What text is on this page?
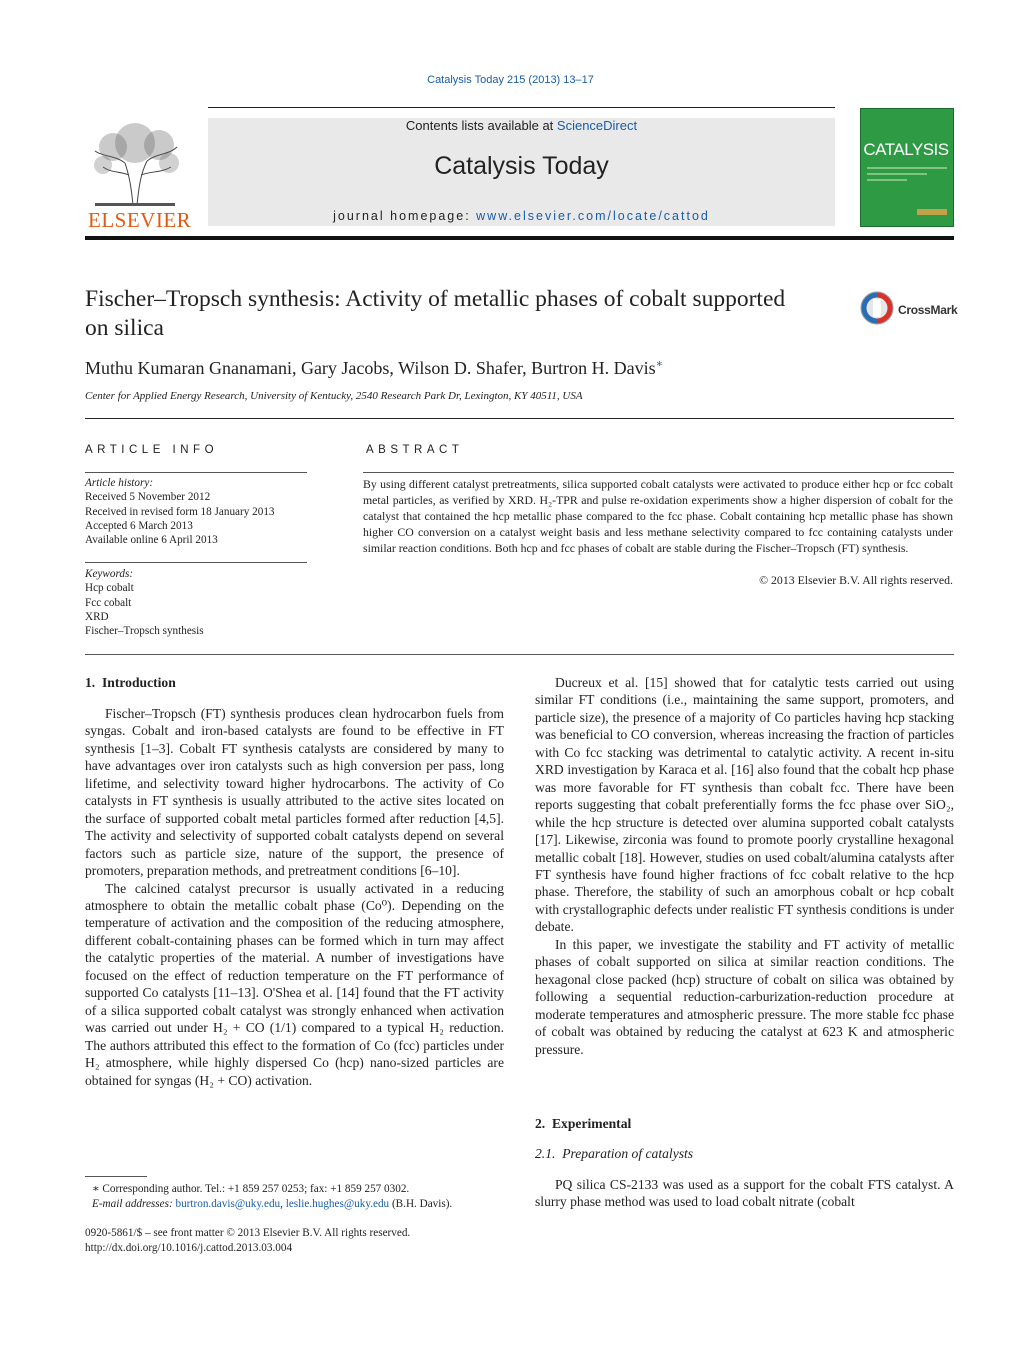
Catalysis Today 215 (2013) 13–17
ELSEVIER
Contents lists available at ScienceDirect
Catalysis Today
journal homepage: www.elsevier.com/locate/cattod
CATALYSIS
Fischer–Tropsch synthesis: Activity of metallic phases of cobalt supported on silica
CrossMark
Muthu Kumaran Gnanamani, Gary Jacobs, Wilson D. Shafer, Burtron H. Davis∗
Center for Applied Energy Research, University of Kentucky, 2540 Research Park Dr, Lexington, KY 40511, USA
ARTICLE INFO
Article history:
Received 5 November 2012
Received in revised form 18 January 2013
Accepted 6 March 2013
Available online 6 April 2013
Keywords:
Hcp cobalt
Fcc cobalt
XRD
Fischer–Tropsch synthesis
ABSTRACT
By using different catalyst pretreatments, silica supported cobalt catalysts were activated to produce either hcp or fcc cobalt metal particles, as verified by XRD. H₂-TPR and pulse re-oxidation experiments show a higher dispersion of cobalt for the catalyst that contained the hcp metallic phase compared to the fcc phase. Cobalt containing hcp metallic phase has shown higher CO conversion on a catalyst weight basis and less methane selectivity compared to fcc containing catalysts under similar reaction conditions. Both hcp and fcc phases of cobalt are stable during the Fischer–Tropsch (FT) synthesis.
© 2013 Elsevier B.V. All rights reserved.
1.  Introduction

Fischer–Tropsch (FT) synthesis produces clean hydrocarbon fuels from syngas. Cobalt and iron-based catalysts are found to be effective in FT synthesis [1–3]. Cobalt FT synthesis catalysts are considered by many to have advantages over iron catalysts such as high conversion per pass, long lifetime, and selectivity toward higher hydrocarbons. The activity of Co catalysts in FT synthesis is usually attributed to the active sites located on the surface of supported cobalt metal particles formed after reduction [4,5]. The activity and selectivity of supported cobalt catalysts depend on several factors such as particle size, nature of the support, the presence of promoters, preparation methods, and pretreatment conditions [6–10].

The calcined catalyst precursor is usually activated in a reducing atmosphere to obtain the metallic cobalt phase (Co⁰). Depending on the temperature of activation and the composition of the reducing atmosphere, different cobalt-containing phases can be formed which in turn may affect the catalytic properties of the material. A number of investigations have focused on the effect of reduction temperature on the FT performance of supported Co catalysts [11–13]. O'Shea et al. [14] found that the FT activity of a silica supported cobalt catalyst was strongly enhanced when activation was carried out under H₂ + CO (1/1) compared to a typical H₂ reduction. The authors attributed this effect to the formation of Co (fcc) particles under H₂ atmosphere, while highly dispersed Co (hcp) nano-sized particles are obtained for syngas (H₂ + CO) activation.

Ducreux et al. [15] showed that for catalytic tests carried out using similar FT conditions (i.e., maintaining the same support, promoters, and particle size), the presence of a majority of Co particles having hcp stacking was beneficial to CO conversion, whereas increasing the fraction of particles with Co fcc stacking was detrimental to catalytic activity. A recent in-situ XRD investigation by Karaca et al. [16] also found that the cobalt hcp phase was more favorable for FT synthesis than cobalt fcc. There have been reports suggesting that cobalt preferentially forms the fcc phase over SiO₂, while the hcp structure is detected over alumina supported cobalt catalysts [17]. Likewise, zirconia was found to promote poorly crystalline hexagonal metallic cobalt [18]. However, studies on used cobalt/alumina catalysts after FT synthesis have found higher fractions of fcc cobalt relative to the hcp phase. Therefore, the stability of such an amorphous cobalt or hcp cobalt with crystallographic defects under realistic FT synthesis conditions is under debate.

In this paper, we investigate the stability and FT activity of metallic phases of cobalt supported on silica at similar reaction conditions. The hexagonal close packed (hcp) structure of cobalt on silica was obtained by following a sequential reduction-carburization-reduction procedure at moderate temperatures and atmospheric pressure. The more stable fcc phase of cobalt was obtained by reducing the catalyst at 623 K and atmospheric pressure.

2.  Experimental
2.1.  Preparation of catalysts

PQ silica CS-2133 was used as a support for the cobalt FTS catalyst. A slurry phase method was used to load cobalt nitrate (cobalt

∗ Corresponding author. Tel.: +1 859 257 0253; fax: +1 859 257 0302.
E-mail addresses: burtron.davis@uky.edu, leslie.hughes@uky.edu (B.H. Davis).
0920-5861/$ – see front matter © 2013 Elsevier B.V. All rights reserved.
http://dx.doi.org/10.1016/j.cattod.2013.03.004
